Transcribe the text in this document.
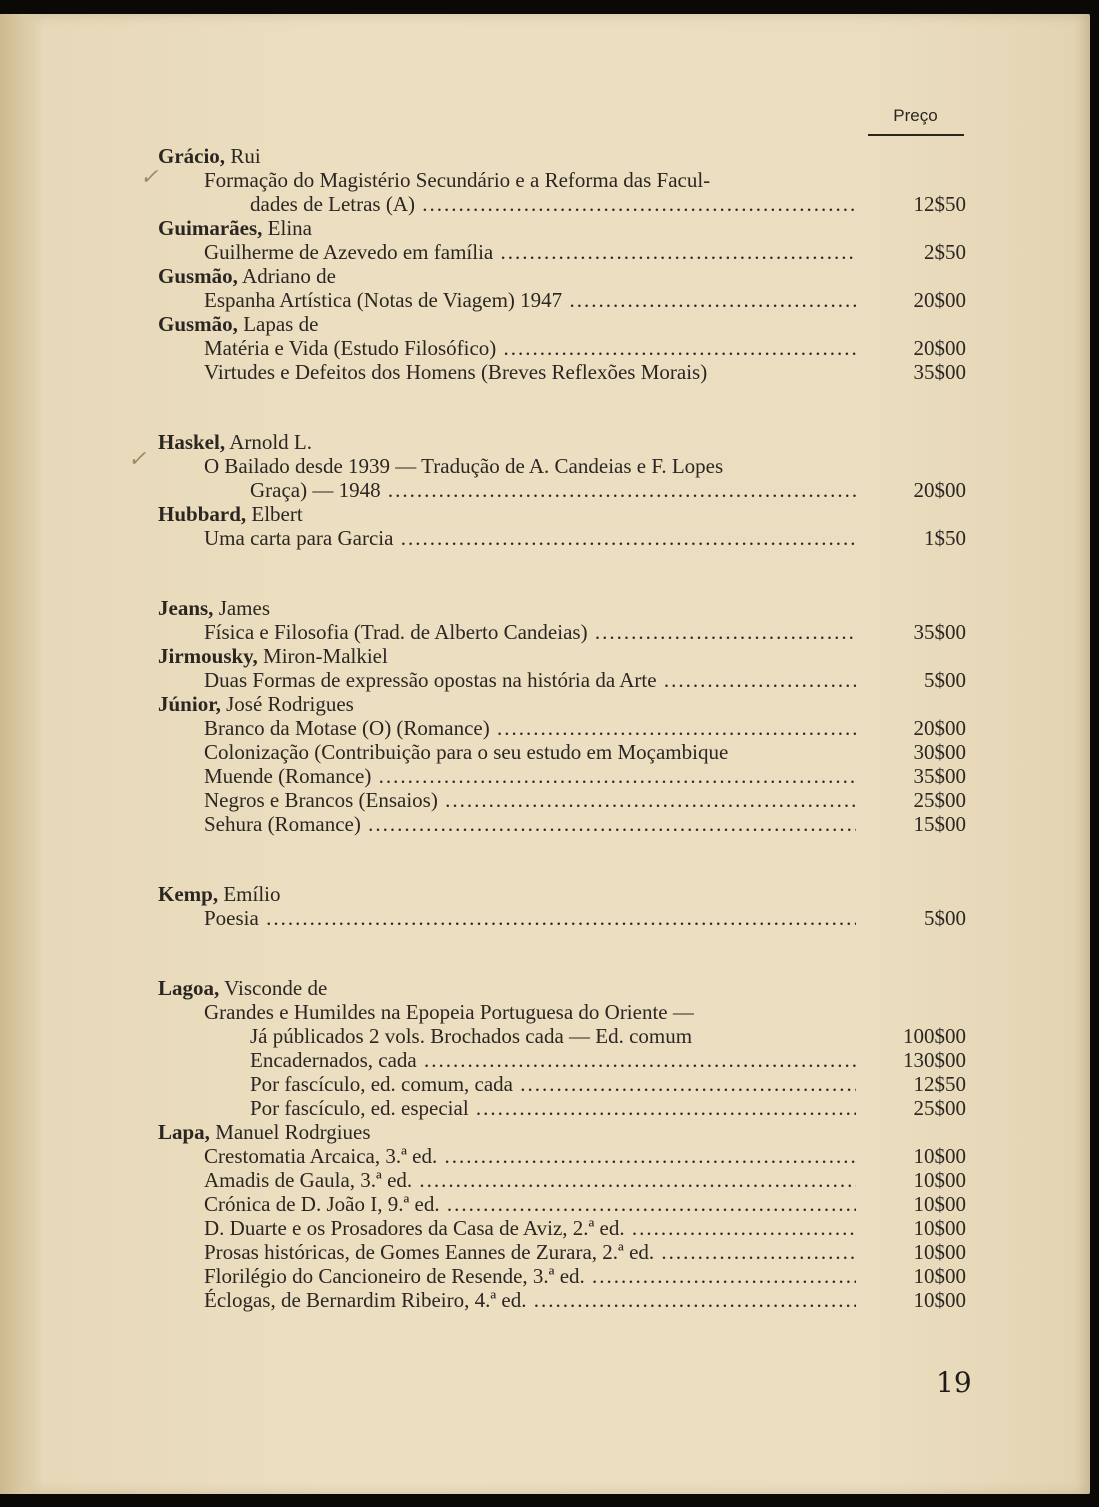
Preço
✓
✓
Grácio, Rui
Formação do Magistério Secundário e a Reforma das Facul-
dades de Letras (A) .....	12$50
Guimarães, Elina
Guilherme de Azevedo em família .....	2$50
Gusmão, Adriano de
Espanha Artística (Notas de Viagem) 1947 .....	20$00
Gusmão, Lapas de
Matéria e Vida (Estudo Filosófico) .....	20$00
Virtudes e Defeitos dos Homens (Breves Reflexões Morais)	35$00
Haskel, Arnold L.
O Bailado desde 1939 — Tradução de A. Candeias e F. Lopes
Graça) — 1948 .....	20$00
Hubbard, Elbert
Uma carta para Garcia .....	1$50
Jeans, James
Física e Filosofia (Trad. de Alberto Candeias) .....	35$00
Jirmousky, Miron-Malkiel
Duas Formas de expressão opostas na história da Arte .....	5$00
Júnior, José Rodrigues
Branco da Motase (O) (Romance) .....	20$00
Colonização (Contribuição para o seu estudo em Moçambique	30$00
Muende (Romance) .....	35$00
Negros e Brancos (Ensaios) .....	25$00
Sehura (Romance) .....	15$00
Kemp, Emílio
Poesia .....	5$00
Lagoa, Visconde de
Grandes e Humildes na Epopeia Portuguesa do Oriente —
Já públicados 2 vols. Brochados cada — Ed. comum	100$00
Encadernados, cada .....	130$00
Por fascículo, ed. comum, cada .....	12$50
Por fascículo, ed. especial .....	25$00
Lapa, Manuel Rodrgiues
Crestomatia Arcaica, 3.ª ed. .....	10$00
Amadis de Gaula, 3.ª ed. .....	10$00
Crónica de D. João I, 9.ª ed. .....	10$00
D. Duarte e os Prosadores da Casa de Aviz, 2.ª ed. .....	10$00
Prosas históricas, de Gomes Eannes de Zurara, 2.ª ed. .....	10$00
Florilégio do Cancioneiro de Resende, 3.ª ed. .....	10$00
Éclogas, de Bernardim Ribeiro, 4.ª ed. .....	10$00
19
